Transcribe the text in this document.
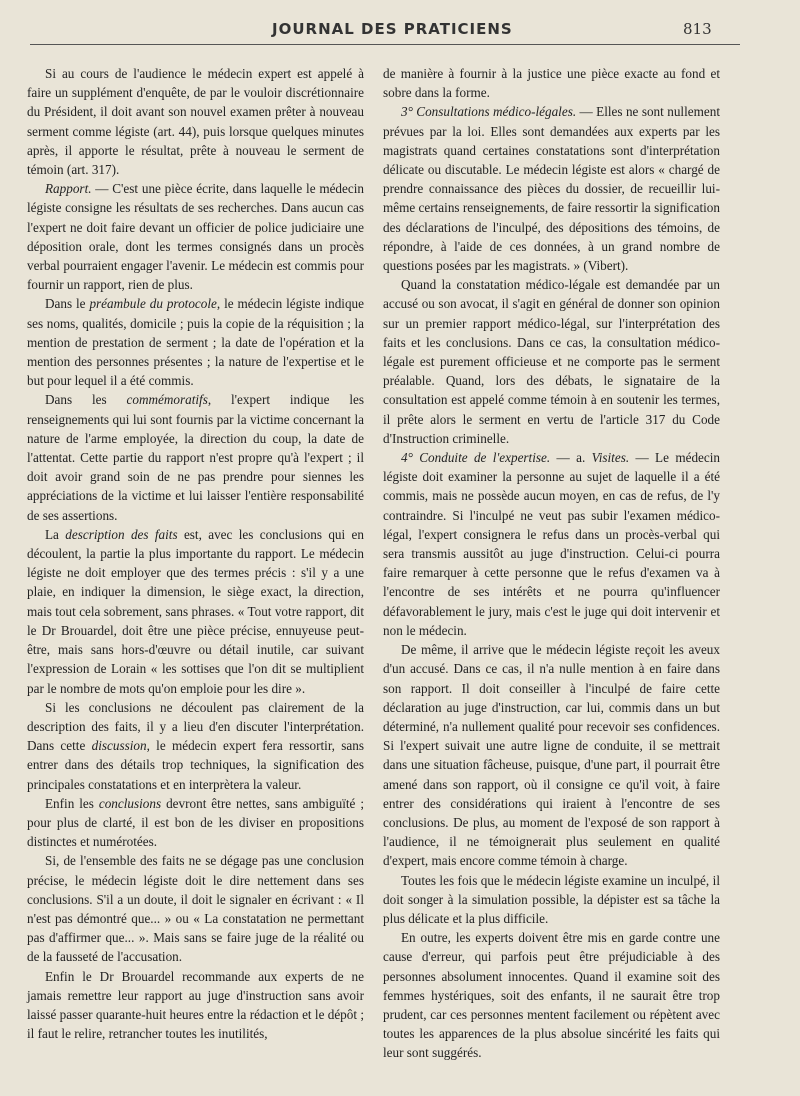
JOURNAL DES PRATICIENS	813

Si au cours de l'audience le médecin expert est appelé à faire un supplément d'enquête, de par le vouloir discrétionnaire du Président, il doit avant son nouvel examen prêter à nouveau serment comme légiste (art. 44), puis lorsque quelques minutes après, il apporte le résultat, prête à nouveau le serment de témoin (art. 317).

Rapport. — C'est une pièce écrite, dans laquelle le médecin légiste consigne les résultats de ses recherches. Dans aucun cas l'expert ne doit faire devant un officier de police judiciaire une déposition orale, dont les termes consignés dans un procès verbal pourraient engager l'avenir. Le médecin est commis pour fournir un rapport, rien de plus.

Dans le préambule du protocole, le médecin légiste indique ses noms, qualités, domicile ; puis la copie de la réquisition ; la mention de prestation de serment ; la date de l'opération et la mention des personnes présentes ; la nature de l'expertise et le but pour lequel il a été commis.

Dans les commémoratifs, l'expert indique les renseignements qui lui sont fournis par la victime concernant la nature de l'arme employée, la direction du coup, la date de l'attentat. Cette partie du rapport n'est propre qu'à l'expert ; il doit avoir grand soin de ne pas prendre pour siennes les appréciations de la victime et lui laisser l'entière responsabilité de ses assertions.

La description des faits est, avec les conclusions qui en découlent, la partie la plus importante du rapport. Le médecin légiste ne doit employer que des termes précis : s'il y a une plaie, en indiquer la dimension, le siège exact, la direction, mais tout cela sobrement, sans phrases. « Tout votre rapport, dit le Dr Brouardel, doit être une pièce précise, ennuyeuse peut-être, mais sans hors-d'œuvre ou détail inutile, car suivant l'expression de Lorain « les sottises que l'on dit se multiplient par le nombre de mots qu'on emploie pour les dire ».

Si les conclusions ne découlent pas clairement de la description des faits, il y a lieu d'en discuter l'interprétation. Dans cette discussion, le médecin expert fera ressortir, sans entrer dans des détails trop techniques, la signification des principales constatations et en interprètera la valeur.

Enfin les conclusions devront être nettes, sans ambiguïté ; pour plus de clarté, il est bon de les diviser en propositions distinctes et numérotées.

Si, de l'ensemble des faits ne se dégage pas une conclusion précise, le médecin légiste doit le dire nettement dans ses conclusions. S'il a un doute, il doit le signaler en écrivant : « Il n'est pas démontré que... » ou « La constatation ne permettant pas d'affirmer que... ». Mais sans se faire juge de la réalité ou de la fausseté de l'accusation.

Enfin le Dr Brouardel recommande aux experts de ne jamais remettre leur rapport au juge d'instruction sans avoir laissé passer quarante-huit heures entre la rédaction et le dépôt ; il faut le relire, retrancher toutes les inutilités,

de manière à fournir à la justice une pièce exacte au fond et sobre dans la forme.

3° Consultations médico-légales. — Elles ne sont nullement prévues par la loi. Elles sont demandées aux experts par les magistrats quand certaines constatations sont d'interprétation délicate ou discutable. Le médecin légiste est alors « chargé de prendre connaissance des pièces du dossier, de recueillir lui-même certains renseignements, de faire ressortir la signification des déclarations de l'inculpé, des dépositions des témoins, de répondre, à l'aide de ces données, à un grand nombre de questions posées par les magistrats. » (Vibert).

Quand la constatation médico-légale est demandée par un accusé ou son avocat, il s'agit en général de donner son opinion sur un premier rapport médico-légal, sur l'interprétation des faits et les conclusions. Dans ce cas, la consultation médico-légale est purement officieuse et ne comporte pas le serment préalable. Quand, lors des débats, le signataire de la consultation est appelé comme témoin à en soutenir les termes, il prête alors le serment en vertu de l'article 317 du Code d'Instruction criminelle.

4° Conduite de l'expertise. — a. Visites. — Le médecin légiste doit examiner la personne au sujet de laquelle il a été commis, mais ne possède aucun moyen, en cas de refus, de l'y contraindre. Si l'inculpé ne veut pas subir l'examen médico-légal, l'expert consignera le refus dans un procès-verbal qui sera transmis aussitôt au juge d'instruction. Celui-ci pourra faire remarquer à cette personne que le refus d'examen va à l'encontre de ses intérêts et ne pourra qu'influencer défavorablement le jury, mais c'est le juge qui doit intervenir et non le médecin.

De même, il arrive que le médecin légiste reçoit les aveux d'un accusé. Dans ce cas, il n'a nulle mention à en faire dans son rapport. Il doit conseiller à l'inculpé de faire cette déclaration au juge d'instruction, car lui, commis dans un but déterminé, n'a nullement qualité pour recevoir ses confidences. Si l'expert suivait une autre ligne de conduite, il se mettrait dans une situation fâcheuse, puisque, d'une part, il pourrait être amené dans son rapport, où il consigne ce qu'il voit, à faire entrer des considérations qui iraient à l'encontre de ses conclusions. De plus, au moment de l'exposé de son rapport à l'audience, il ne témoignerait plus seulement en qualité d'expert, mais encore comme témoin à charge.

Toutes les fois que le médecin légiste examine un inculpé, il doit songer à la simulation possible, la dépister est sa tâche la plus délicate et la plus difficile.

En outre, les experts doivent être mis en garde contre une cause d'erreur, qui parfois peut être préjudiciable à des personnes absolument innocentes. Quand il examine soit des femmes hystériques, soit des enfants, il ne saurait être trop prudent, car ces personnes mentent facilement ou répètent avec toutes les apparences de la plus absolue sincérité les faits qui leur sont suggérés.
